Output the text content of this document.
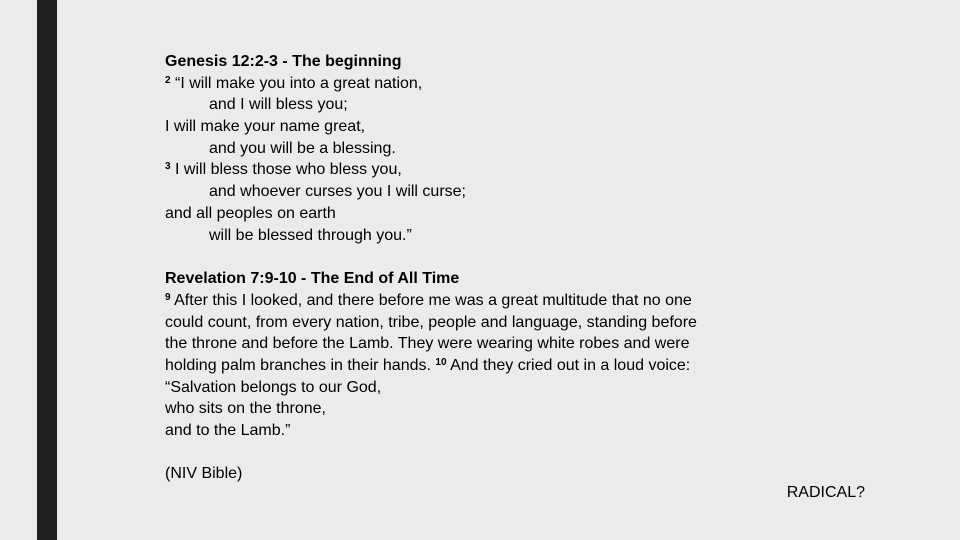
Genesis 12:2-3 - The beginning
$^2$ “I will make you into a great nation,
and I will bless you;
I will make your name great,
and you will be a blessing.
$^3$ I will bless those who bless you,
and whoever curses you I will curse;
and all peoples on earth
will be blessed through you.”
Revelation 7:9-10 - The End of All Time
$^9$ After this I looked, and there before me was a great multitude that no one
could count, from every nation, tribe, people and language, standing before
the throne and before the Lamb. They were wearing white robes and were
holding palm branches in their hands. $^{10}$ And they cried out in a loud voice:
“Salvation belongs to our God,
who sits on the throne,
and to the Lamb.”
(NIV Bible)
RADICAL?
